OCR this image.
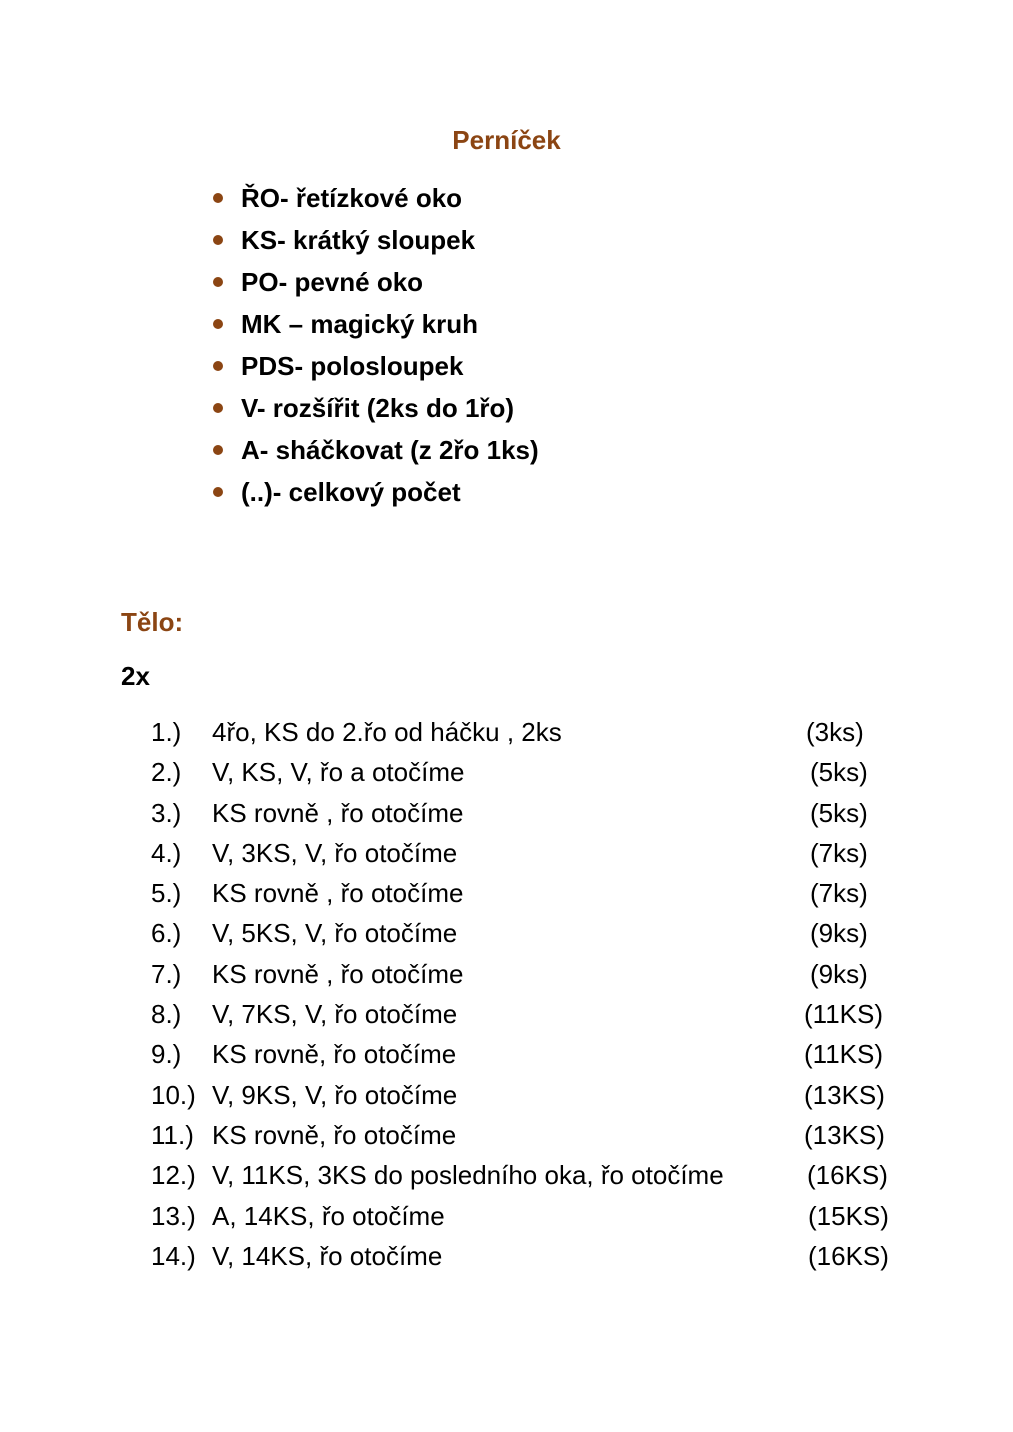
Perníček
ŘO- řetízkové oko
KS- krátký sloupek
PO- pevné oko
MK – magický kruh
PDS- polosloupek
V- rozšířit (2ks do 1řo)
A- sháčkovat (z 2řo 1ks)
(..)- celkový počet
Tělo:
2x
1.) 4řo, KS do 2.řo od háčku , 2ks	(3ks)
2.) V, KS, V, řo a otočíme	(5ks)
3.) KS rovně , řo otočíme	(5ks)
4.) V, 3KS, V, řo otočíme	(7ks)
5.) KS rovně , řo otočíme	(7ks)
6.) V, 5KS, V, řo otočíme	(9ks)
7.) KS rovně , řo otočíme	(9ks)
8.) V, 7KS, V, řo otočíme	(11KS)
9.) KS rovně, řo otočíme	(11KS)
10.) V, 9KS, V, řo otočíme	(13KS)
11.) KS rovně, řo otočíme	(13KS)
12.) V, 11KS, 3KS do posledního oka, řo otočíme	(16KS)
13.) A, 14KS, řo otočíme	(15KS)
14.) V, 14KS, řo otočíme	(16KS)
